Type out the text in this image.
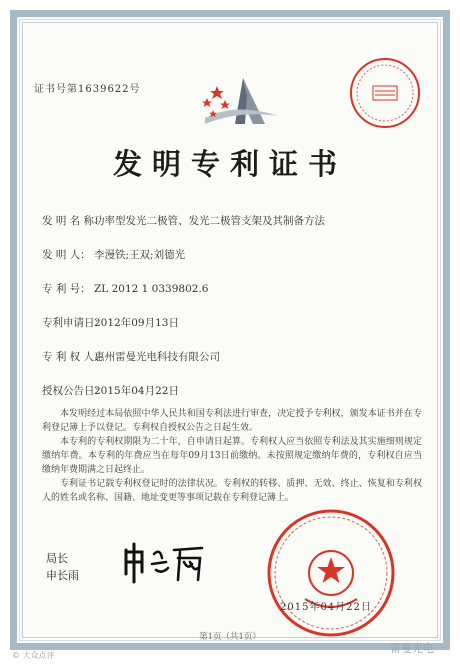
证书号第1639622号
发明专利证书
发 明 名 称：功率型发光二极管、发光二极管支架及其制备方法
发 明 人： 李漫铁;王双;刘德光
专 利 号： ZL 2012 1 0339802.6
专利申请日：2012年09月13日
专 利 权 人：惠州雷曼光电科技有限公司
授权公告日：2015年04月22日

本发明经过本局依照中华人民共和国专利法进行审查，决定授予专利权，颁发本证书并在专利登记簿上予以登记。专利权自授权公告之日起生效。

本专利的专利权期限为二十年，自申请日起算。专利权人应当依照专利法及其实施细则规定缴纳年费。本专利的年费应当在每年09月13日前缴纳。未按照规定缴纳年费的，专利权自应当缴纳年费期满之日起终止。

专利证书记载专利权登记时的法律状况。专利权的转移、质押、无效、终止、恢复和专利权人的姓名或名称、国籍、地址变更等事项记载在专利登记簿上。

局长
申长雨
2015年04月22日
第1页（共1页）
© 大众点评
雷曼光电
